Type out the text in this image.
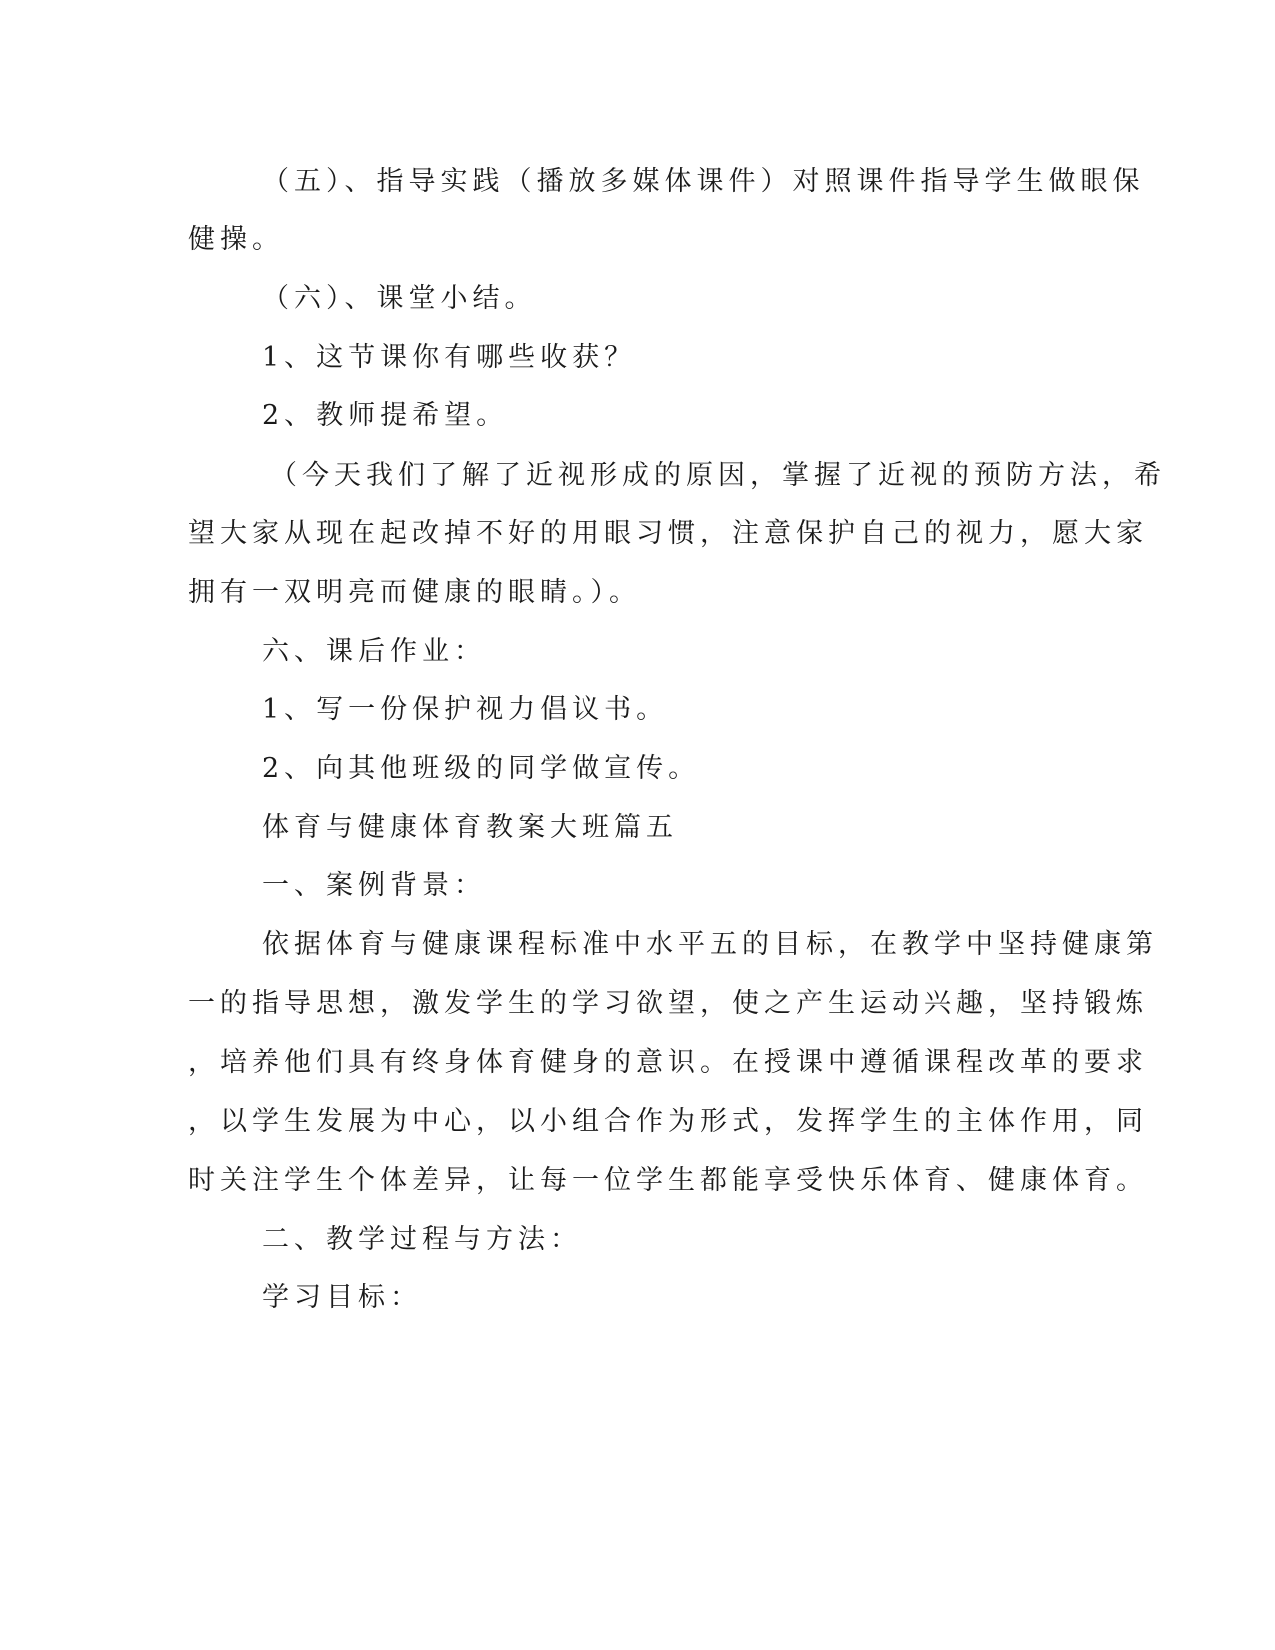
（五）、指导实践（播放多媒体课件）对照课件指导学生做眼保

健操。

（六）、课堂小结。

1、这节课你有哪些收获？

2、教师提希望。

（今天我们了解了近视形成的原因，掌握了近视的预防方法，希

望大家从现在起改掉不好的用眼习惯，注意保护自己的视力，愿大家

拥有一双明亮而健康的眼睛。）。

六、课后作业：

1、写一份保护视力倡议书。

2、向其他班级的同学做宣传。

体育与健康体育教案大班篇五

一、案例背景：

依据体育与健康课程标准中水平五的目标，在教学中坚持健康第

一的指导思想，激发学生的学习欲望，使之产生运动兴趣，坚持锻炼

，培养他们具有终身体育健身的意识。在授课中遵循课程改革的要求

，以学生发展为中心，以小组合作为形式，发挥学生的主体作用，同

时关注学生个体差异，让每一位学生都能享受快乐体育、健康体育。

二、教学过程与方法：

学习目标：
